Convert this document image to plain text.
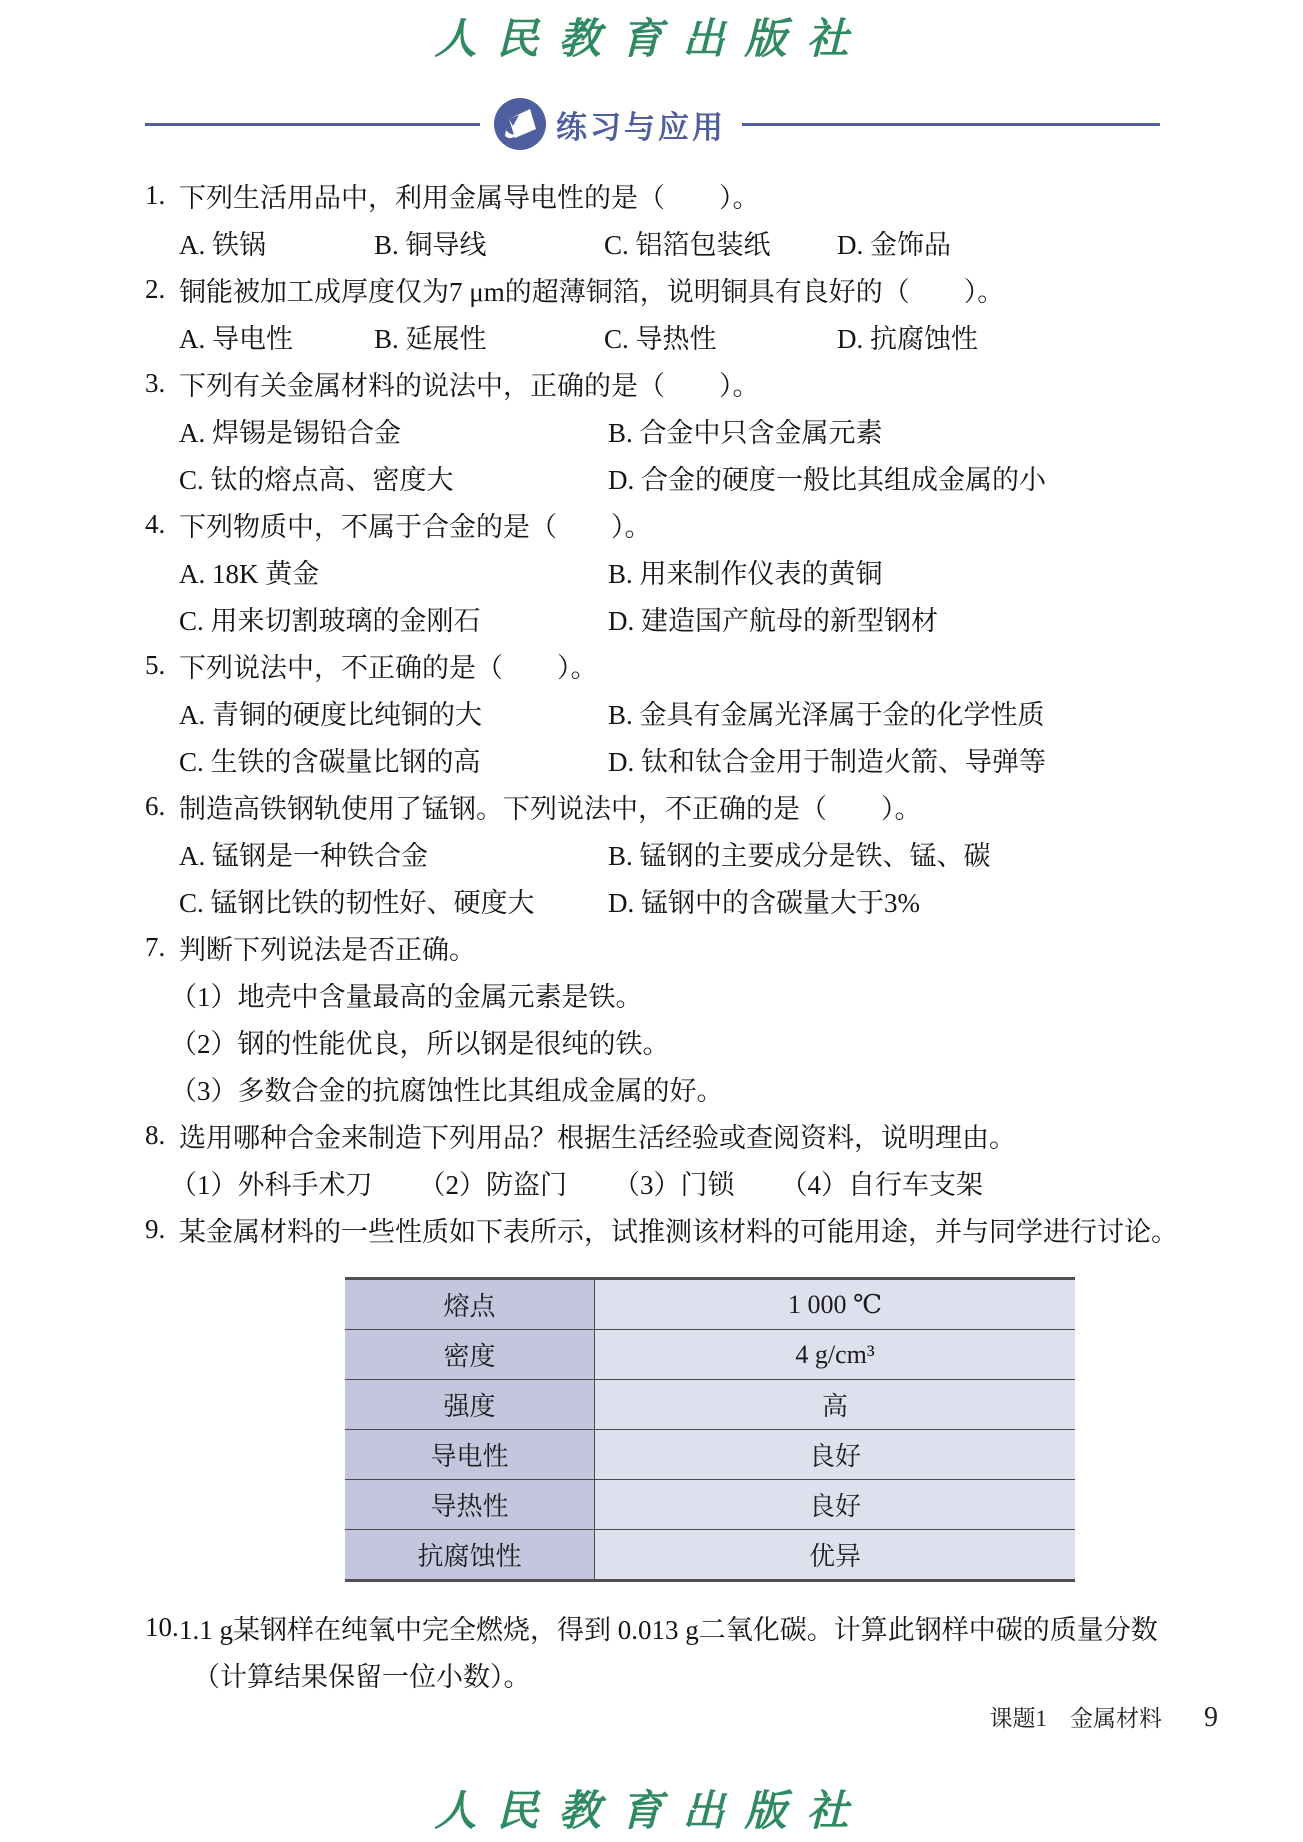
人民教育出版社
练习与应用
1. 下列生活用品中，利用金属导电性的是（　　）。
A. 铁锅	B. 铜导线	C. 铝箔包装纸	D. 金饰品
2. 铜能被加工成厚度仅为7 μm的超薄铜箔，说明铜具有良好的（　　）。
A. 导电性	B. 延展性	C. 导热性	D. 抗腐蚀性
3. 下列有关金属材料的说法中，正确的是（　　）。
A. 焊锡是锡铅合金	B. 合金中只含金属元素
C. 钛的熔点高、密度大	D. 合金的硬度一般比其组成金属的小
4. 下列物质中，不属于合金的是（　　）。
A. 18K 黄金	B. 用来制作仪表的黄铜
C. 用来切割玻璃的金刚石	D. 建造国产航母的新型钢材
5. 下列说法中，不正确的是（　　）。
A. 青铜的硬度比纯铜的大	B. 金具有金属光泽属于金的化学性质
C. 生铁的含碳量比钢的高	D. 钛和钛合金用于制造火箭、导弹等
6. 制造高铁钢轨使用了锰钢。下列说法中，不正确的是（　　）。
A. 锰钢是一种铁合金	B. 锰钢的主要成分是铁、锰、碳
C. 锰钢比铁的韧性好、硬度大	D. 锰钢中的含碳量大于3%
7. 判断下列说法是否正确。
（1）地壳中含量最高的金属元素是铁。
（2）钢的性能优良，所以钢是很纯的铁。
（3）多数合金的抗腐蚀性比其组成金属的好。
8. 选用哪种合金来制造下列用品？根据生活经验或查阅资料，说明理由。
（1）外科手术刀 （2）防盗门 （3）门锁 （4）自行车支架
9. 某金属材料的一些性质如下表所示，试推测该材料的可能用途，并与同学进行讨论。
熔点	1 000 ℃
密度	4 g/cm³
强度	高
导电性	良好
导热性	良好
抗腐蚀性	优异
10. 1.1 g某钢样在纯氧中完全燃烧，得到 0.013 g二氧化碳。计算此钢样中碳的质量分数
（计算结果保留一位小数）。
课题1　金属材料 9
人民教育出版社
